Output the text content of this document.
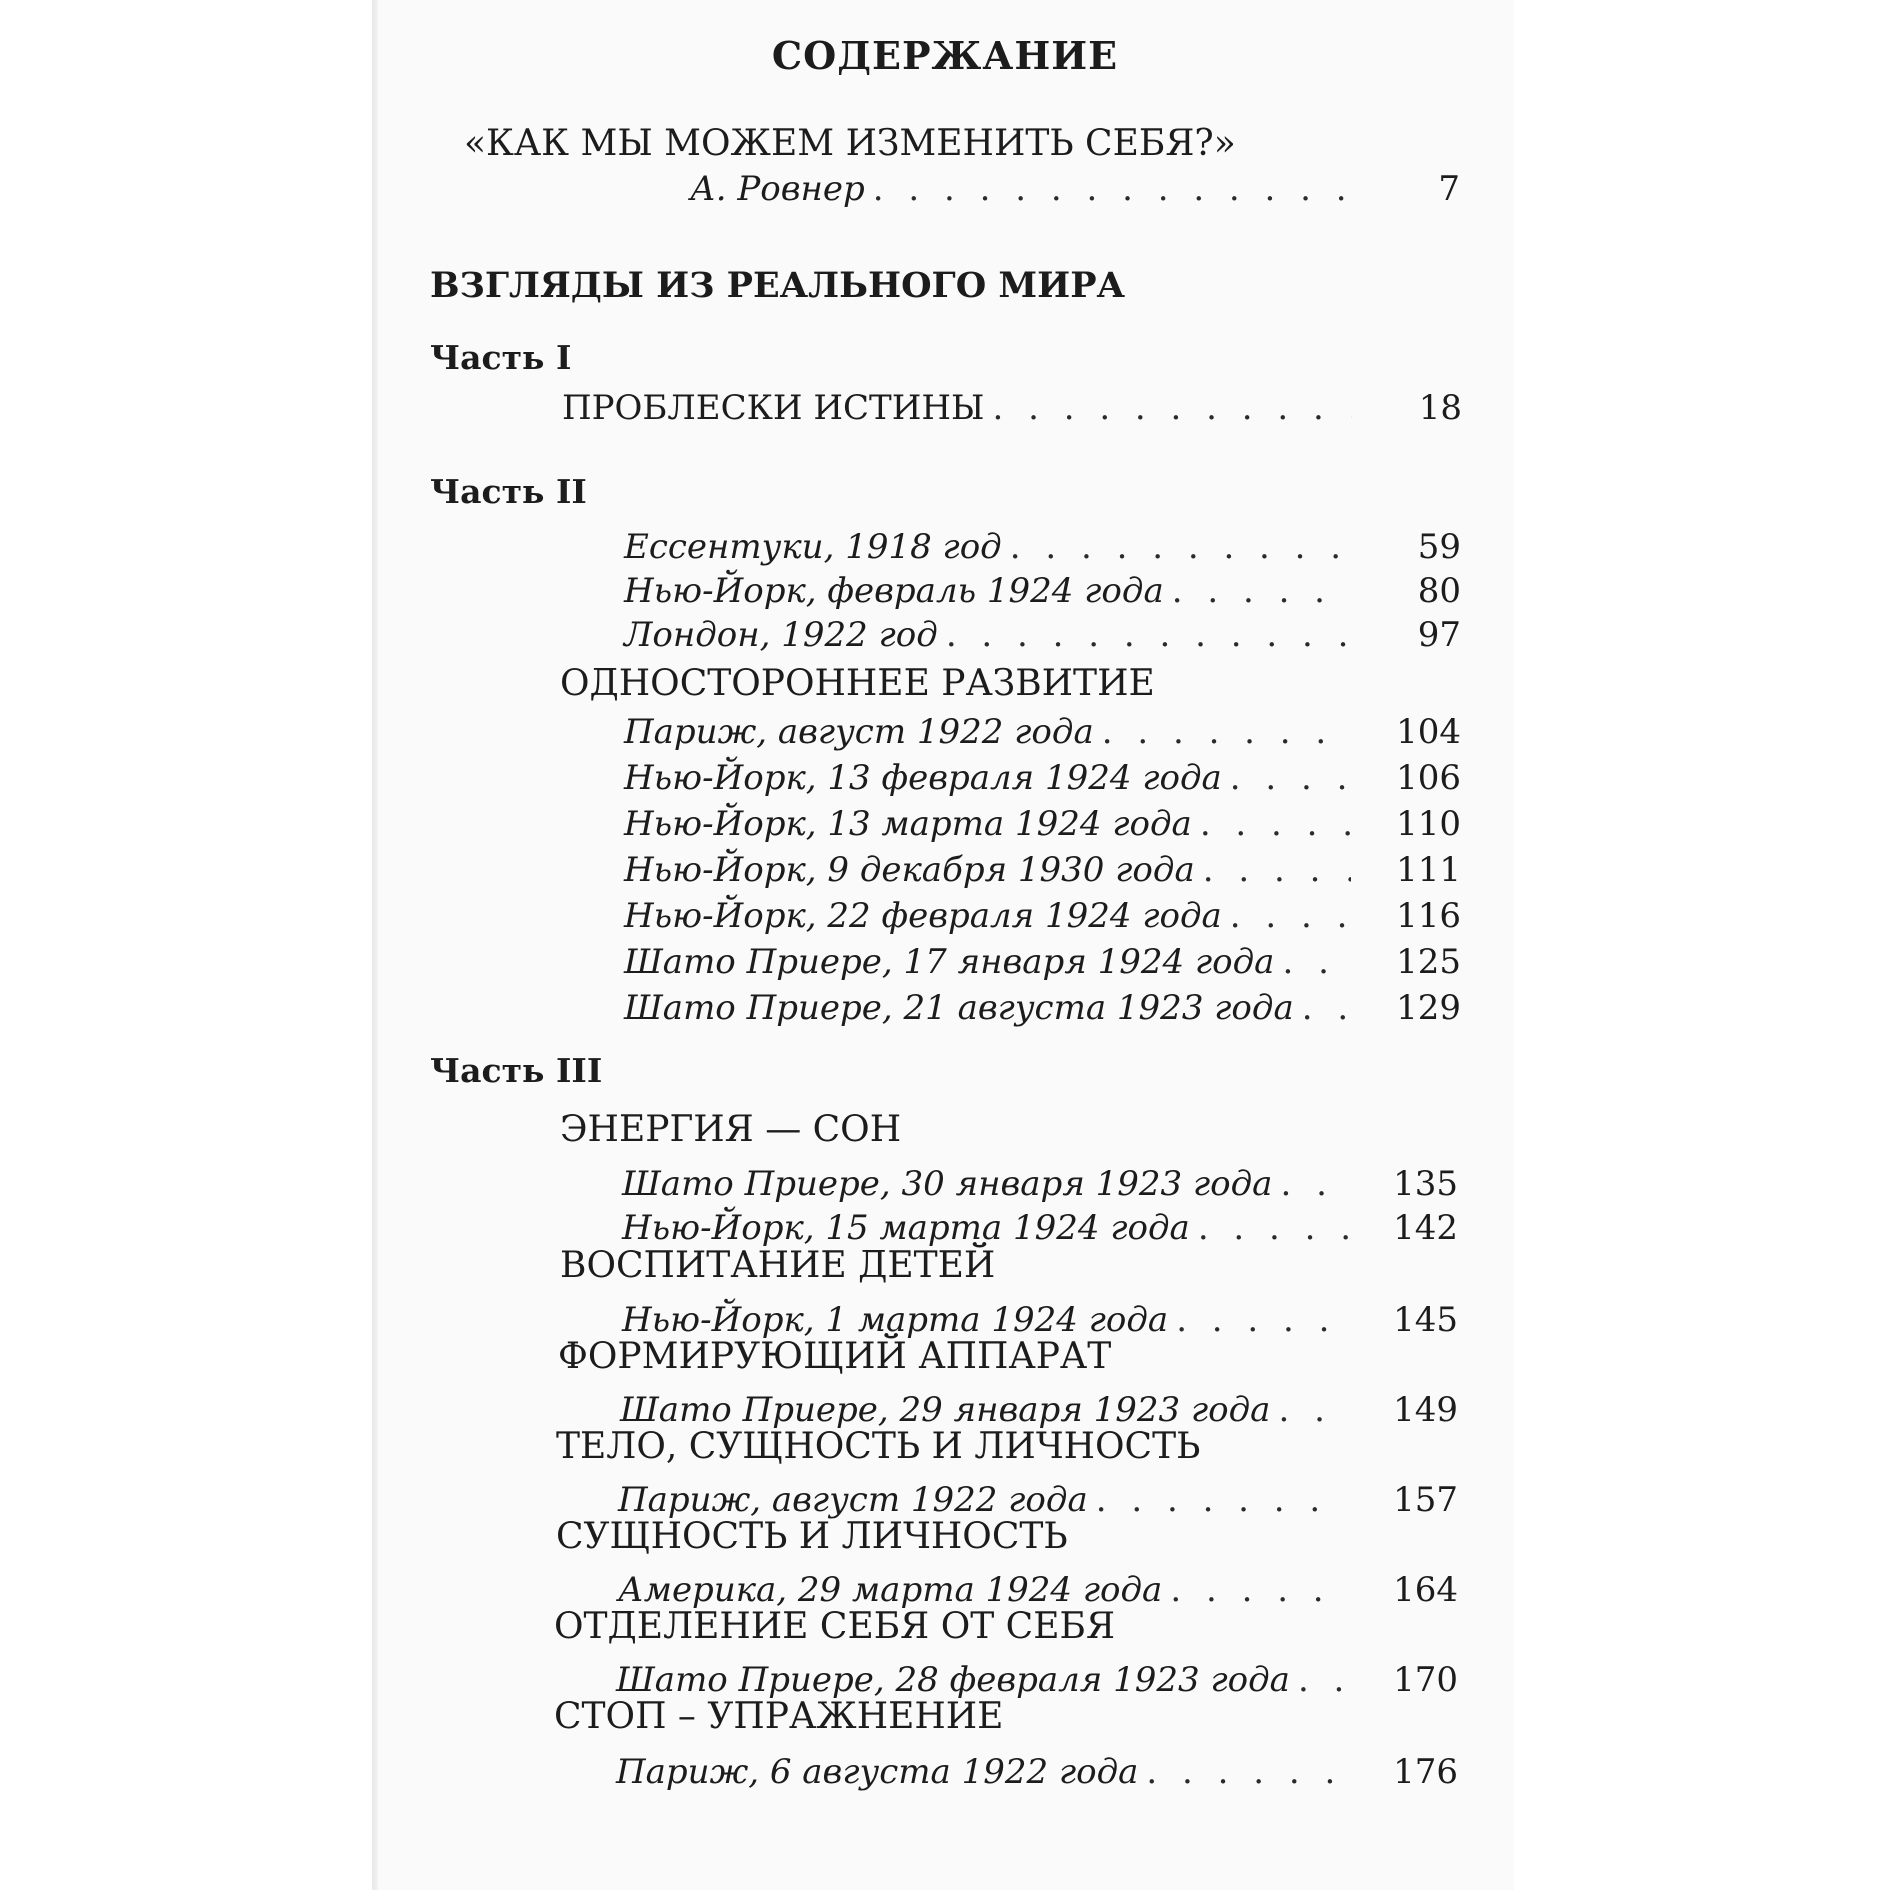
СОДЕРЖАНИЕ
«КАК МЫ МОЖЕМ ИЗМЕНИТЬ СЕБЯ?»
А. Ровнер . . .	7
ВЗГЛЯДЫ ИЗ РЕАЛЬНОГО МИРА
Часть I
ПРОБЛЕСКИ ИСТИНЫ . . .	18
Часть II
Ессентуки, 1918 год . . .	59
Нью-Йорк, февраль 1924 года . . .	80
Лондон, 1922 год . . .	97
ОДНОСТОРОННЕЕ РАЗВИТИЕ
Париж, август 1922 года . . .	104
Нью-Йорк, 13 февраля 1924 года . . .	106
Нью-Йорк, 13 марта 1924 года . . .	110
Нью-Йорк, 9 декабря 1930 года . . .	111
Нью-Йорк, 22 февраля 1924 года . . .	116
Шато Приере, 17 января 1924 года . . .	125
Шато Приере, 21 августа 1923 года . . .	129
Часть III
ЭНЕРГИЯ — СОН
Шато Приере, 30 января 1923 года . . .	135
Нью-Йорк, 15 марта 1924 года . . .	142
ВОСПИТАНИЕ ДЕТЕЙ
Нью-Йорк, 1 марта 1924 года . . .	145
ФОРМИРУЮЩИЙ АППАРАТ
Шато Приере, 29 января 1923 года . . .	149
ТЕЛО, СУЩНОСТЬ И ЛИЧНОСТЬ
Париж, август 1922 года . . .	157
СУЩНОСТЬ И ЛИЧНОСТЬ
Америка, 29 марта 1924 года . . .	164
ОТДЕЛЕНИЕ СЕБЯ ОТ СЕБЯ
Шато Приере, 28 февраля 1923 года . . .	170
СТОП – УПРАЖНЕНИЕ
Париж, 6 августа 1922 года . . .	176
